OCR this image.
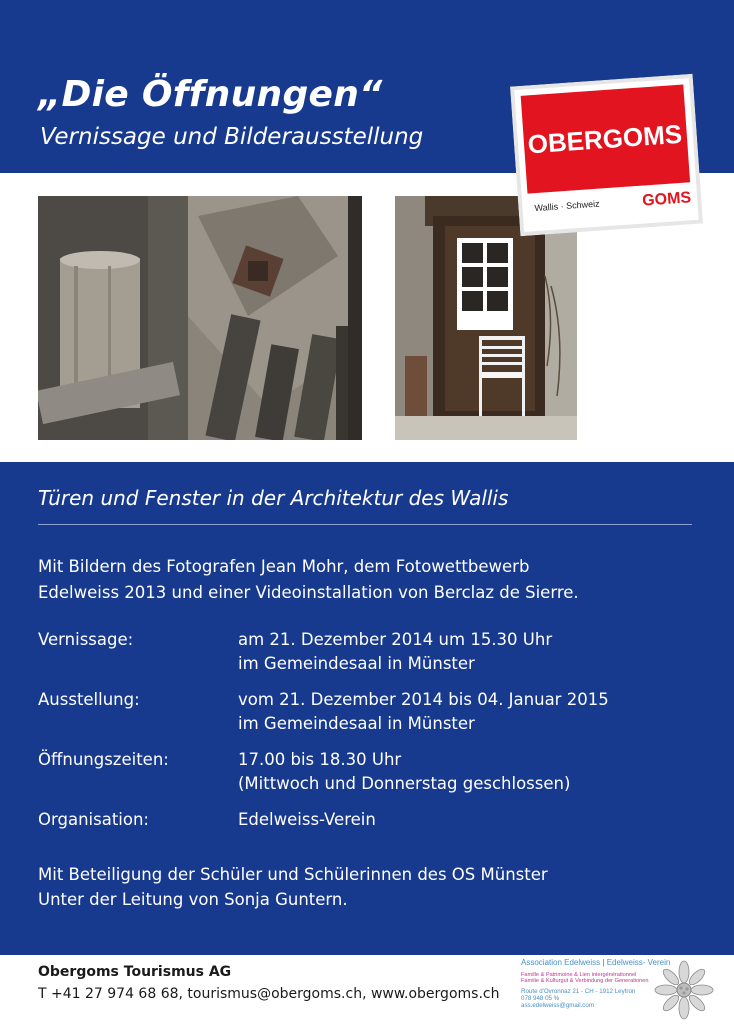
„Die Öffnungen“
Vernissage und Bilderausstellung	OBERGOMS
Wallis · Schweiz	GOMS
Türen und Fenster in der Architektur des Wallis
Mit Bildern des Fotografen Jean Mohr, dem Fotowettbewerb
Edelweiss 2013 und einer Videoinstallation von Berclaz de Sierre.
Vernissage:	am 21. Dezember 2014 um 15.30 Uhr
im Gemeindesaal in Münster
Ausstellung:	vom 21. Dezember 2014 bis 04. Januar 2015
im Gemeindesaal in Münster
Öffnungszeiten:	17.00 bis 18.30 Uhr
(Mittwoch und Donnerstag geschlossen)
Organisation:	Edelweiss-Verein
Mit Beteiligung der Schüler und Schülerinnen des OS Münster
Unter der Leitung von Sonja Guntern.
Obergoms Tourismus AG
T +41 27 974 68 68, tourismus@obergoms.ch, www.obergoms.ch
Association Edelweiss | Edelweiss- Verein
Famille & Patrimoine & Lien intergénérationnel
Familie & Kulturgut & Verbindung der Generationen
Route d'Ovronnaz 21 - CH - 1912 Leytron
078 948 05 %
ass.edelweiss@gmail.com
